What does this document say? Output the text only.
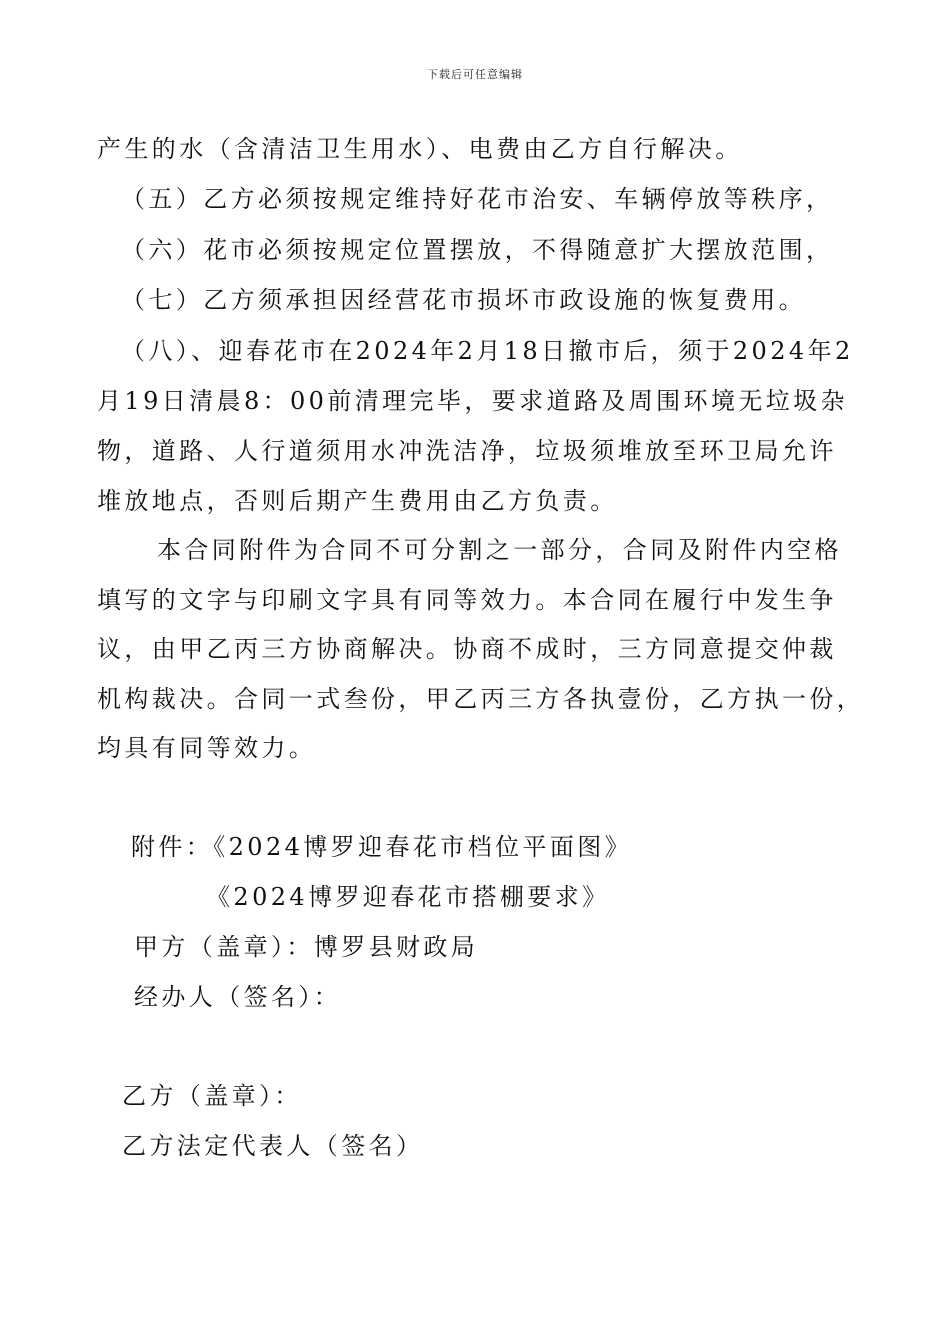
下载后可任意编辑
产生的水（含清洁卫生用水）、电费由乙方自行解决。
（五）乙方必须按规定维持好花市治安、车辆停放等秩序，
（六）花市必须按规定位置摆放，不得随意扩大摆放范围，
（七）乙方须承担因经营花市损坏市政设施的恢复费用。
（八）、迎春花市在2024年2月18日撤市后，须于2024年2
月19日清晨8：00前清理完毕，要求道路及周围环境无垃圾杂
物，道路、人行道须用水冲洗洁净，垃圾须堆放至环卫局允许
堆放地点，否则后期产生费用由乙方负责。
本合同附件为合同不可分割之一部分，合同及附件内空格
填写的文字与印刷文字具有同等效力。本合同在履行中发生争
议，由甲乙丙三方协商解决。协商不成时，三方同意提交仲裁
机构裁决。合同一式叁份，甲乙丙三方各执壹份，乙方执一份，
均具有同等效力。
附件：《2024博罗迎春花市档位平面图》
《2024博罗迎春花市搭棚要求》
甲方（盖章）：博罗县财政局
经办人（签名）：
乙方（盖章）：
乙方法定代表人（签名）
